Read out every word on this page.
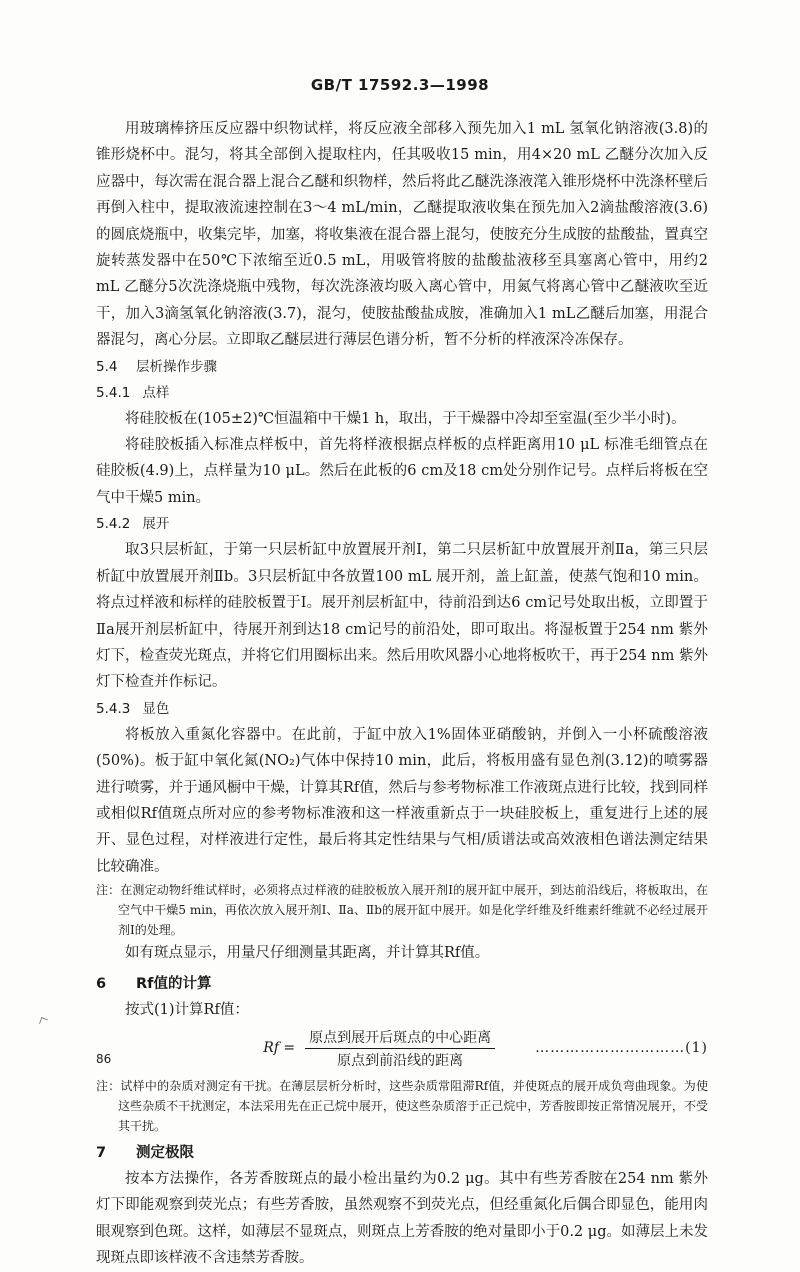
GB/T 17592.3—1998

用玻璃棒挤压反应器中织物试样，将反应液全部移入预先加入1 mL 氢氧化钠溶液(3.8)的锥形烧杯中。混匀，将其全部倒入提取柱内，任其吸收15 min，用4×20 mL 乙醚分次加入反应器中，每次需在混合器上混合乙醚和织物样，然后将此乙醚洗涤液滗入锥形烧杯中洗涤杯壁后再倒入柱中，提取液流速控制在3～4 mL/min，乙醚提取液收集在预先加入2滴盐酸溶液(3.6)的圆底烧瓶中，收集完毕，加塞，将收集液在混合器上混匀，使胺充分生成胺的盐酸盐，置真空旋转蒸发器中在50℃下浓缩至近0.5 mL，用吸管将胺的盐酸盐液移至具塞离心管中，用约2 mL 乙醚分5次洗涤烧瓶中残物，每次洗涤液均吸入离心管中，用氮气将离心管中乙醚液吹至近干，加入3滴氢氧化钠溶液(3.7)，混匀，使胺盐酸盐成胺，准确加入1 mL乙醚后加塞，用混合器混匀，离心分层。立即取乙醚层进行薄层色谱分析，暂不分析的样液深冷冻保存。

5.4	层析操作步骤
5.4.1 点样

将硅胶板在(105±2)℃恒温箱中干燥1 h，取出，于干燥器中冷却至室温(至少半小时)。

将硅胶板插入标准点样板中，首先将样液根据点样板的点样距离用10 μL 标准毛细管点在硅胶板(4.9)上，点样量为10 μL。然后在此板的6 cm及18 cm处分别作记号。点样后将板在空气中干燥5 min。

5.4.2 展开

取3只层析缸，于第一只层析缸中放置展开剂Ⅰ，第二只层析缸中放置展开剂Ⅱa，第三只层析缸中放置展开剂Ⅱb。3只层析缸中各放置100 mL 展开剂，盖上缸盖，使蒸气饱和10 min。将点过样液和标样的硅胶板置于Ⅰ。展开剂层析缸中，待前沿到达6 cm记号处取出板，立即置于Ⅱa展开剂层析缸中，待展开剂到达18 cm记号的前沿处，即可取出。将湿板置于254 nm 紫外灯下，检查荧光斑点，并将它们用圈标出来。然后用吹风器小心地将板吹干，再于254 nm 紫外灯下检查并作标记。

5.4.3 显色

将板放入重氮化容器中。在此前，于缸中放入1%固体亚硝酸钠，并倒入一小杯硫酸溶液(50%)。板于缸中氧化氮(NO₂)气体中保持10 min，此后，将板用盛有显色剂(3.12)的喷雾器进行喷雾，并于通风橱中干燥，计算其Rf值，然后与参考物标准工作液斑点进行比较，找到同样或相似Rf值斑点所对应的参考物标准液和这一样液重新点于一块硅胶板上，重复进行上述的展开、显色过程，对样液进行定性，最后将其定性结果与气相/质谱法或高效液相色谱法测定结果比较确准。

注：在测定动物纤维试样时，必须将点过样液的硅胶板放入展开剂Ⅰ的展开缸中展开，到达前沿线后，将板取出，在空气中干燥5 min，再依次放入展开剂Ⅰ、Ⅱa、Ⅱb的展开缸中展开。如是化学纤维及纤维素纤维就不必经过展开剂Ⅰ的处理。

如有斑点显示，用量尺仔细测量其距离，并计算其Rf值。

6	Rf值的计算

按式(1)计算Rf值：

$Rf = \frac{\text{原点到展开后斑点的中心距离}}{\text{原点到前沿线的距离}}$	…………………………(1)

注：试样中的杂质对测定有干扰。在薄层层析分析时，这些杂质常阻滞Rf值，并使斑点的展开成负弯曲现象。为使这些杂质不干扰测定，本法采用先在正己烷中展开，使这些杂质溶于正己烷中，芳香胺即按正常情况展开，不受其干扰。

7	测定极限

按本方法操作，各芳香胺斑点的最小检出量约为0.2 μg。其中有些芳香胺在254 nm 紫外灯下即能观察到荧光点；有些芳香胺，虽然观察不到荧光点，但经重氮化后偶合即显色，能用肉眼观察到色斑。这样，如薄层不显斑点，则斑点上芳香胺的绝对量即小于0.2 μg。如薄层上未发现斑点即该样液不含违禁芳香胺。

86
